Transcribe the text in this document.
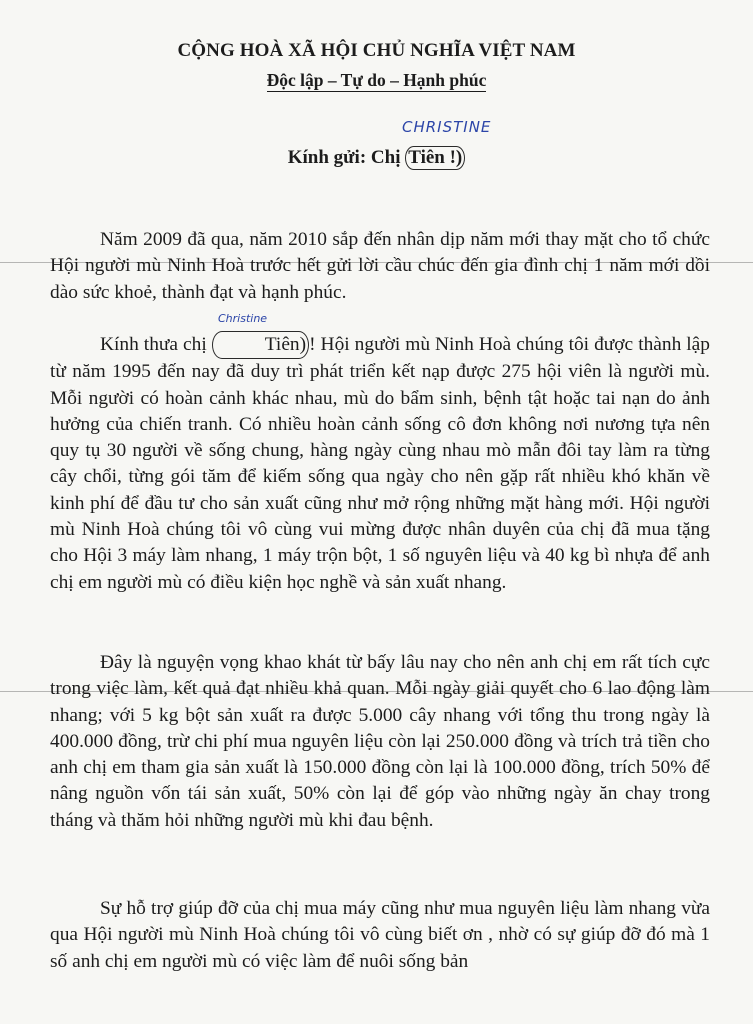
CỘNG HOÀ XÃ HỘI CHỦ NGHĨA VIỆT NAM
Độc lập – Tự do – Hạnh phúc
CHRISTINE
Kính gửi: Chị Tiên !)

Năm 2009 đã qua, năm 2010 sắp đến nhân dịp năm mới thay mặt cho tổ chức Hội người mù Ninh Hoà trước hết gửi lời cầu chúc đến gia đình chị 1 năm mới dồi dào sức khoẻ, thành đạt và hạnh phúc.

Christine

Kính thưa chị	Tiên) ! Hội người mù Ninh Hoà chúng tôi được thành lập từ năm 1995 đến nay đã duy trì phát triển kết nạp được 275 hội viên là người mù. Mỗi người có hoàn cảnh khác nhau, mù do bẩm sinh, bệnh tật hoặc tai nạn do ảnh hưởng của chiến tranh. Có nhiều hoàn cảnh sống cô đơn không nơi nương tựa nên quy tụ 30 người về sống chung, hàng ngày cùng nhau mò mẫn đôi tay làm ra từng cây chổi, từng gói tăm để kiếm sống qua ngày cho nên gặp rất nhiều khó khăn về kinh phí để đầu tư cho sản xuất cũng như mở rộng những mặt hàng mới. Hội người mù Ninh Hoà chúng tôi vô cùng vui mừng được nhân duyên của chị đã mua tặng cho Hội 3 máy làm nhang, 1 máy trộn bột, 1 số nguyên liệu và 40 kg bì nhựa để anh chị em người mù có điều kiện học nghề và sản xuất nhang.

Đây là nguyện vọng khao khát từ bấy lâu nay cho nên anh chị em rất tích cực trong việc làm, kết quả đạt nhiều khả quan. Mỗi ngày giải quyết cho 6 lao động làm nhang; với 5 kg bột sản xuất ra được 5.000 cây nhang với tổng thu trong ngày là 400.000 đồng, trừ chi phí mua nguyên liệu còn lại 250.000 đồng và trích trả tiền cho anh chị em tham gia sản xuất là 150.000 đồng còn lại là 100.000 đồng, trích 50% để nâng nguồn vốn tái sản xuất, 50% còn lại để góp vào những ngày ăn chay trong tháng và thăm hỏi những người mù khi đau bệnh.

Sự hỗ trợ giúp đỡ của chị mua máy cũng như mua nguyên liệu làm nhang vừa qua Hội người mù Ninh Hoà chúng tôi vô cùng biết ơn , nhờ có sự giúp đỡ đó mà 1 số anh chị em người mù có việc làm để nuôi sống bản
